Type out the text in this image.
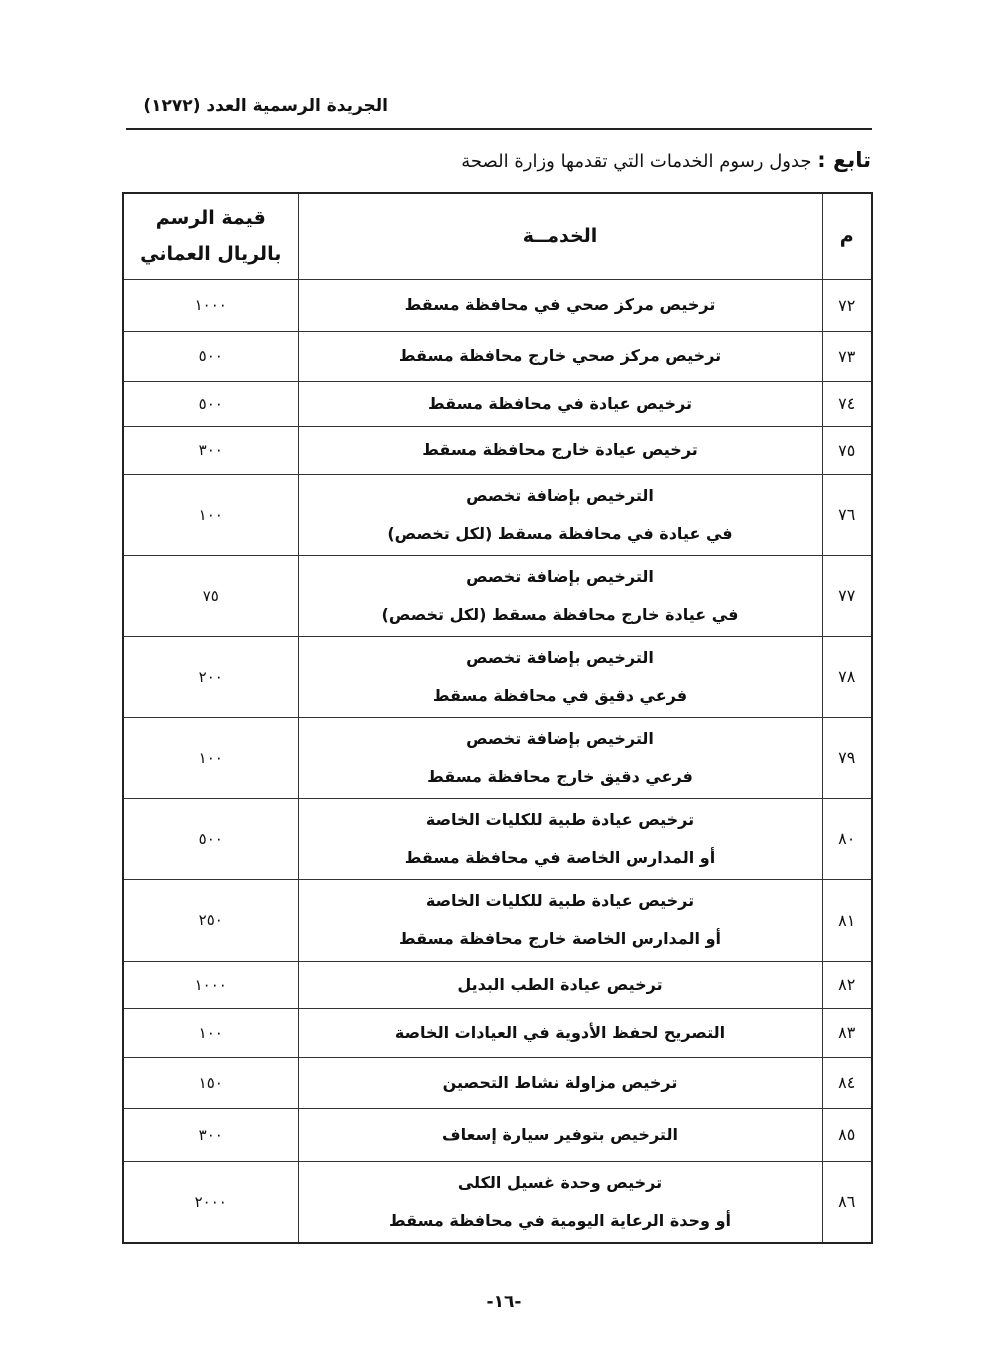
الجريدة الرسمية العدد (١٢٧٢)
تابع : جدول رسوم الخدمات التي تقدمها وزارة الصحة
م	الخدمــة	قيمة الرسم
بالريال العماني

٧٢	ترخيص مركز صحي في محافظة مسقط	١٠٠٠
٧٣	ترخيص مركز صحي خارج محافظة مسقط	٥٠٠
٧٤	ترخيص عيادة في محافظة مسقط	٥٠٠
٧٥	ترخيص عيادة خارج محافظة مسقط	٣٠٠
٧٦	الترخيص بإضافة تخصص
في عيادة في محافظة مسقط (لكل تخصص)	١٠٠
٧٧	الترخيص بإضافة تخصص
في عيادة خارج محافظة مسقط (لكل تخصص)	٧٥
٧٨	الترخيص بإضافة تخصص
فرعي دقيق في محافظة مسقط	٢٠٠
٧٩	الترخيص بإضافة تخصص
فرعي دقيق خارج محافظة مسقط	١٠٠
٨٠	ترخيص عيادة طبية للكليات الخاصة
أو المدارس الخاصة في محافظة مسقط	٥٠٠
٨١	ترخيص عيادة طبية للكليات الخاصة
أو المدارس الخاصة خارج محافظة مسقط	٢٥٠
٨٢	ترخيص عيادة الطب البديل	١٠٠٠
٨٣	التصريح لحفظ الأدوية في العيادات الخاصة	١٠٠
٨٤	ترخيص مزاولة نشاط التحصين	١٥٠
٨٥	الترخيص بتوفير سيارة إسعاف	٣٠٠
٨٦	ترخيص وحدة غسيل الكلى
أو وحدة الرعاية اليومية في محافظة مسقط	٢٠٠٠
-١٦-
